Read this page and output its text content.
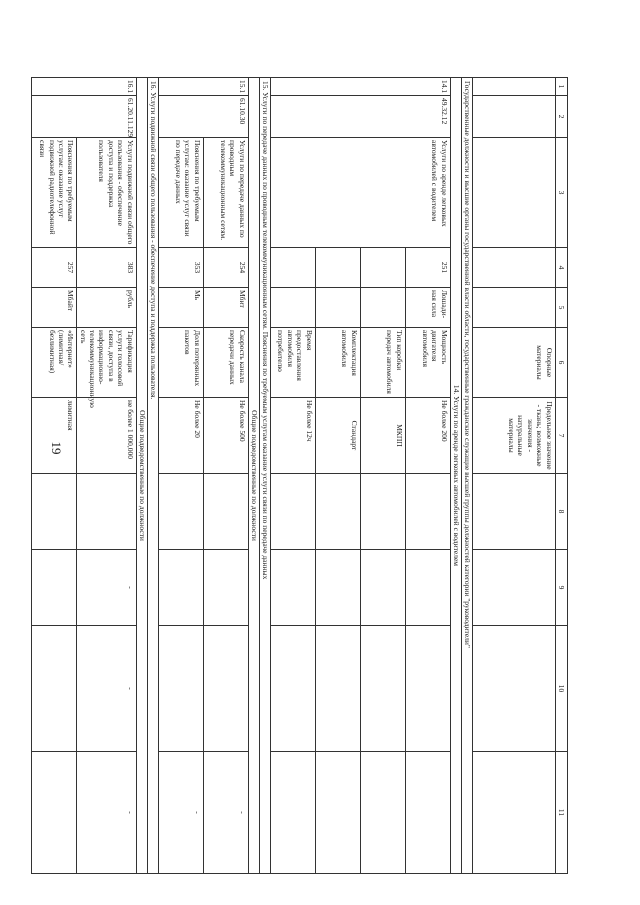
19
1	2	3	4	5	6	7	8	9	10	11
					Опорные материалы	Предельное значение - ткань; возможные значения - натуральные материалы				
Государственные должности и высшие органы государственной власти области, государственные гражданские служащие высшей группы должностей категории "руководители"										
14. Услуги по аренде легковых автомобилей с водителем										
14.1	49.32.12	Услуги по аренде легковых автомобилей с водителем	251	Лошади-ная сила	Мощность двигателя автомобиля	Не более 200				
					Тип коробки передач автомобиля	МКПП				
					Комплектация автомобиля	Стандарт				
					Время предоставления автомобиля потребителю	Не более 12ч				
15. Услуги по передаче данных по проводным телекоммуникационным сетям. Пояснения по требуемым услугам оказание услуги связи по передаче данных										
Общие подведомственные по должности										
15.1	61.10.30	Услуги по передаче данных по проводным телекоммуникационным сетям.	254	Мбит	Скорость канала передачи данных	Не более 500				-
		Пояснения по требуемым услугам: оказание услуг связи по передаче данных	353	Мь	Доля потерянных пакетов	Не более 20				-
16. Услуги подвижной связи общего пользования - обеспечение доступа и поддержка пользователя.										
Общие подведомственные по должности										
16.1	61.20.11.129	Услуги подвижной связи общего пользования - обеспечение доступа и поддержка пользователя	383	рубль	Тарификация услуги голосовой связи, доступа в информационно-телекоммуникационную сеть	не более 1 000,000		-	-	-
		Пояснения по требуемым услугам: оказание услуг подвижной радиотелефонной связи	257	Мбайт	«Интернет» (лимитная/безлимитная)	лимитная				
